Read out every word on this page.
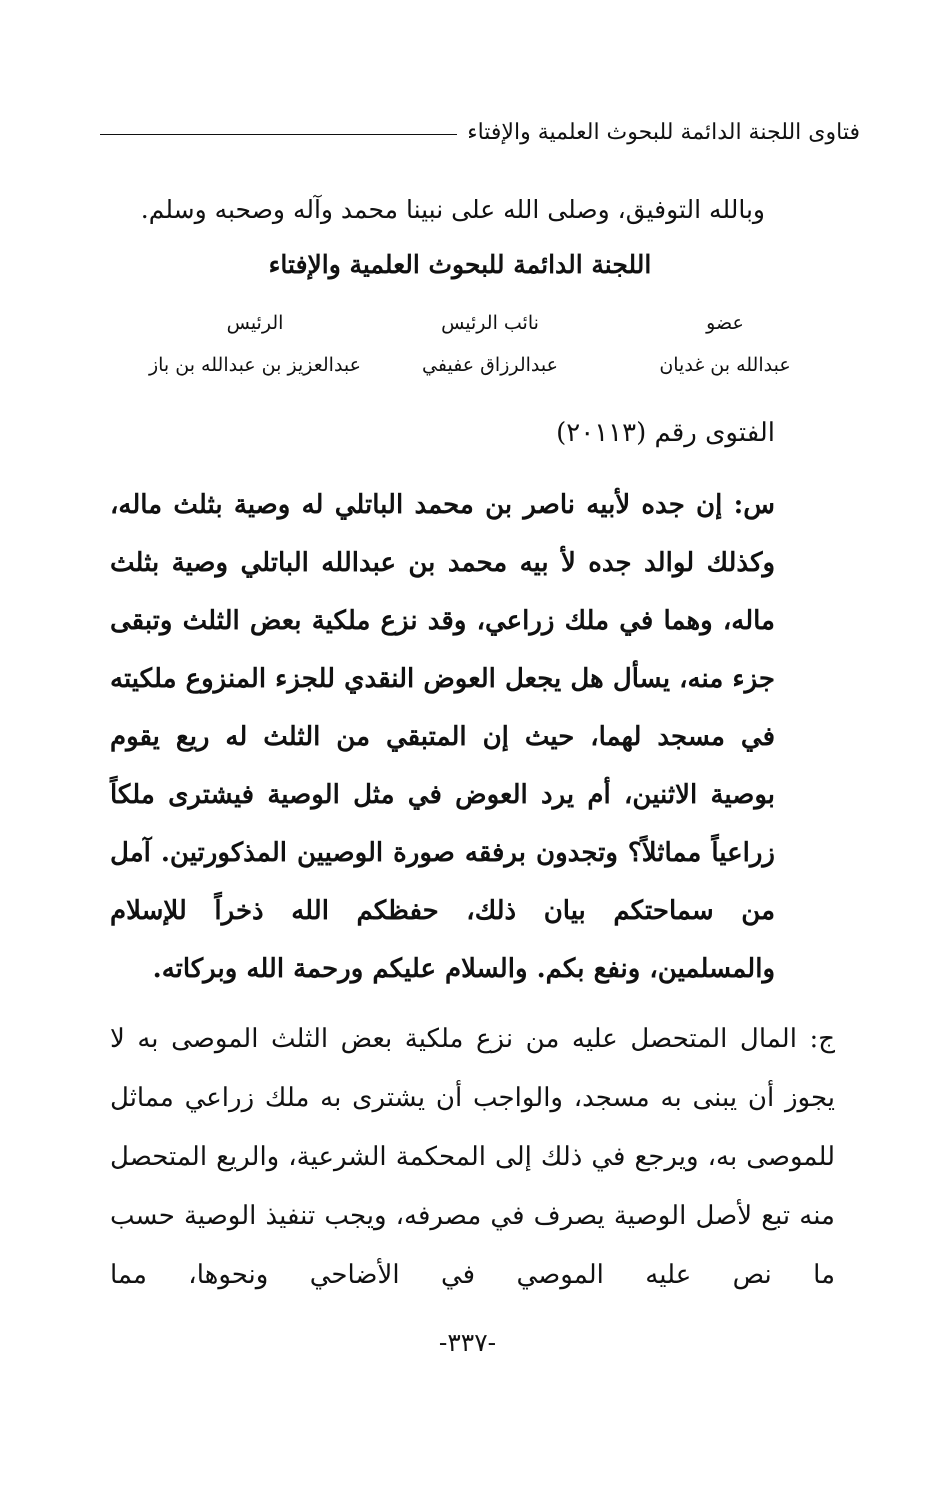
فتاوى اللجنة الدائمة للبحوث العلمية والإفتاء
وبالله التوفيق، وصلى الله على نبينا محمد وآله وصحبه وسلم.
اللجنة الدائمة للبحوث العلمية والإفتاء
عضو
عبدالله بن غديان
نائب الرئيس
عبدالرزاق عفيفي
الرئيس
عبدالعزيز بن عبدالله بن باز
الفتوى رقم (٢٠١١٣)

س: إن جده لأبيه ناصر بن محمد الباتلي له وصية بثلث ماله، وكذلك لوالد جده لأ بيه محمد بن عبدالله الباتلي وصية بثلث ماله، وهما في ملك زراعي، وقد نزع ملكية بعض الثلث وتبقى جزء منه، يسأل هل يجعل العوض النقدي للجزء المنزوع ملكيته في مسجد لهما، حيث إن المتبقي من الثلث له ريع يقوم بوصية الاثنين، أم يرد العوض في مثل الوصية فيشترى ملكاً زراعياً مماثلاً؟ وتجدون برفقه صورة الوصيين المذكورتين. آمل من سماحتكم بيان ذلك، حفظكم الله ذخراً للإسلام والمسلمين، ونفع بكم. والسلام عليكم ورحمة الله وبركاته.

ج: المال المتحصل عليه من نزع ملكية بعض الثلث الموصى به لا يجوز أن يبنى به مسجد، والواجب أن يشترى به ملك زراعي مماثل للموصى به، ويرجع في ذلك إلى المحكمة الشرعية، والريع المتحصل منه تبع لأصل الوصية يصرف في مصرفه، ويجب تنفيذ الوصية حسب ما نص عليه الموصي في الأضاحي ونحوها، مما

-٣٣٧-
